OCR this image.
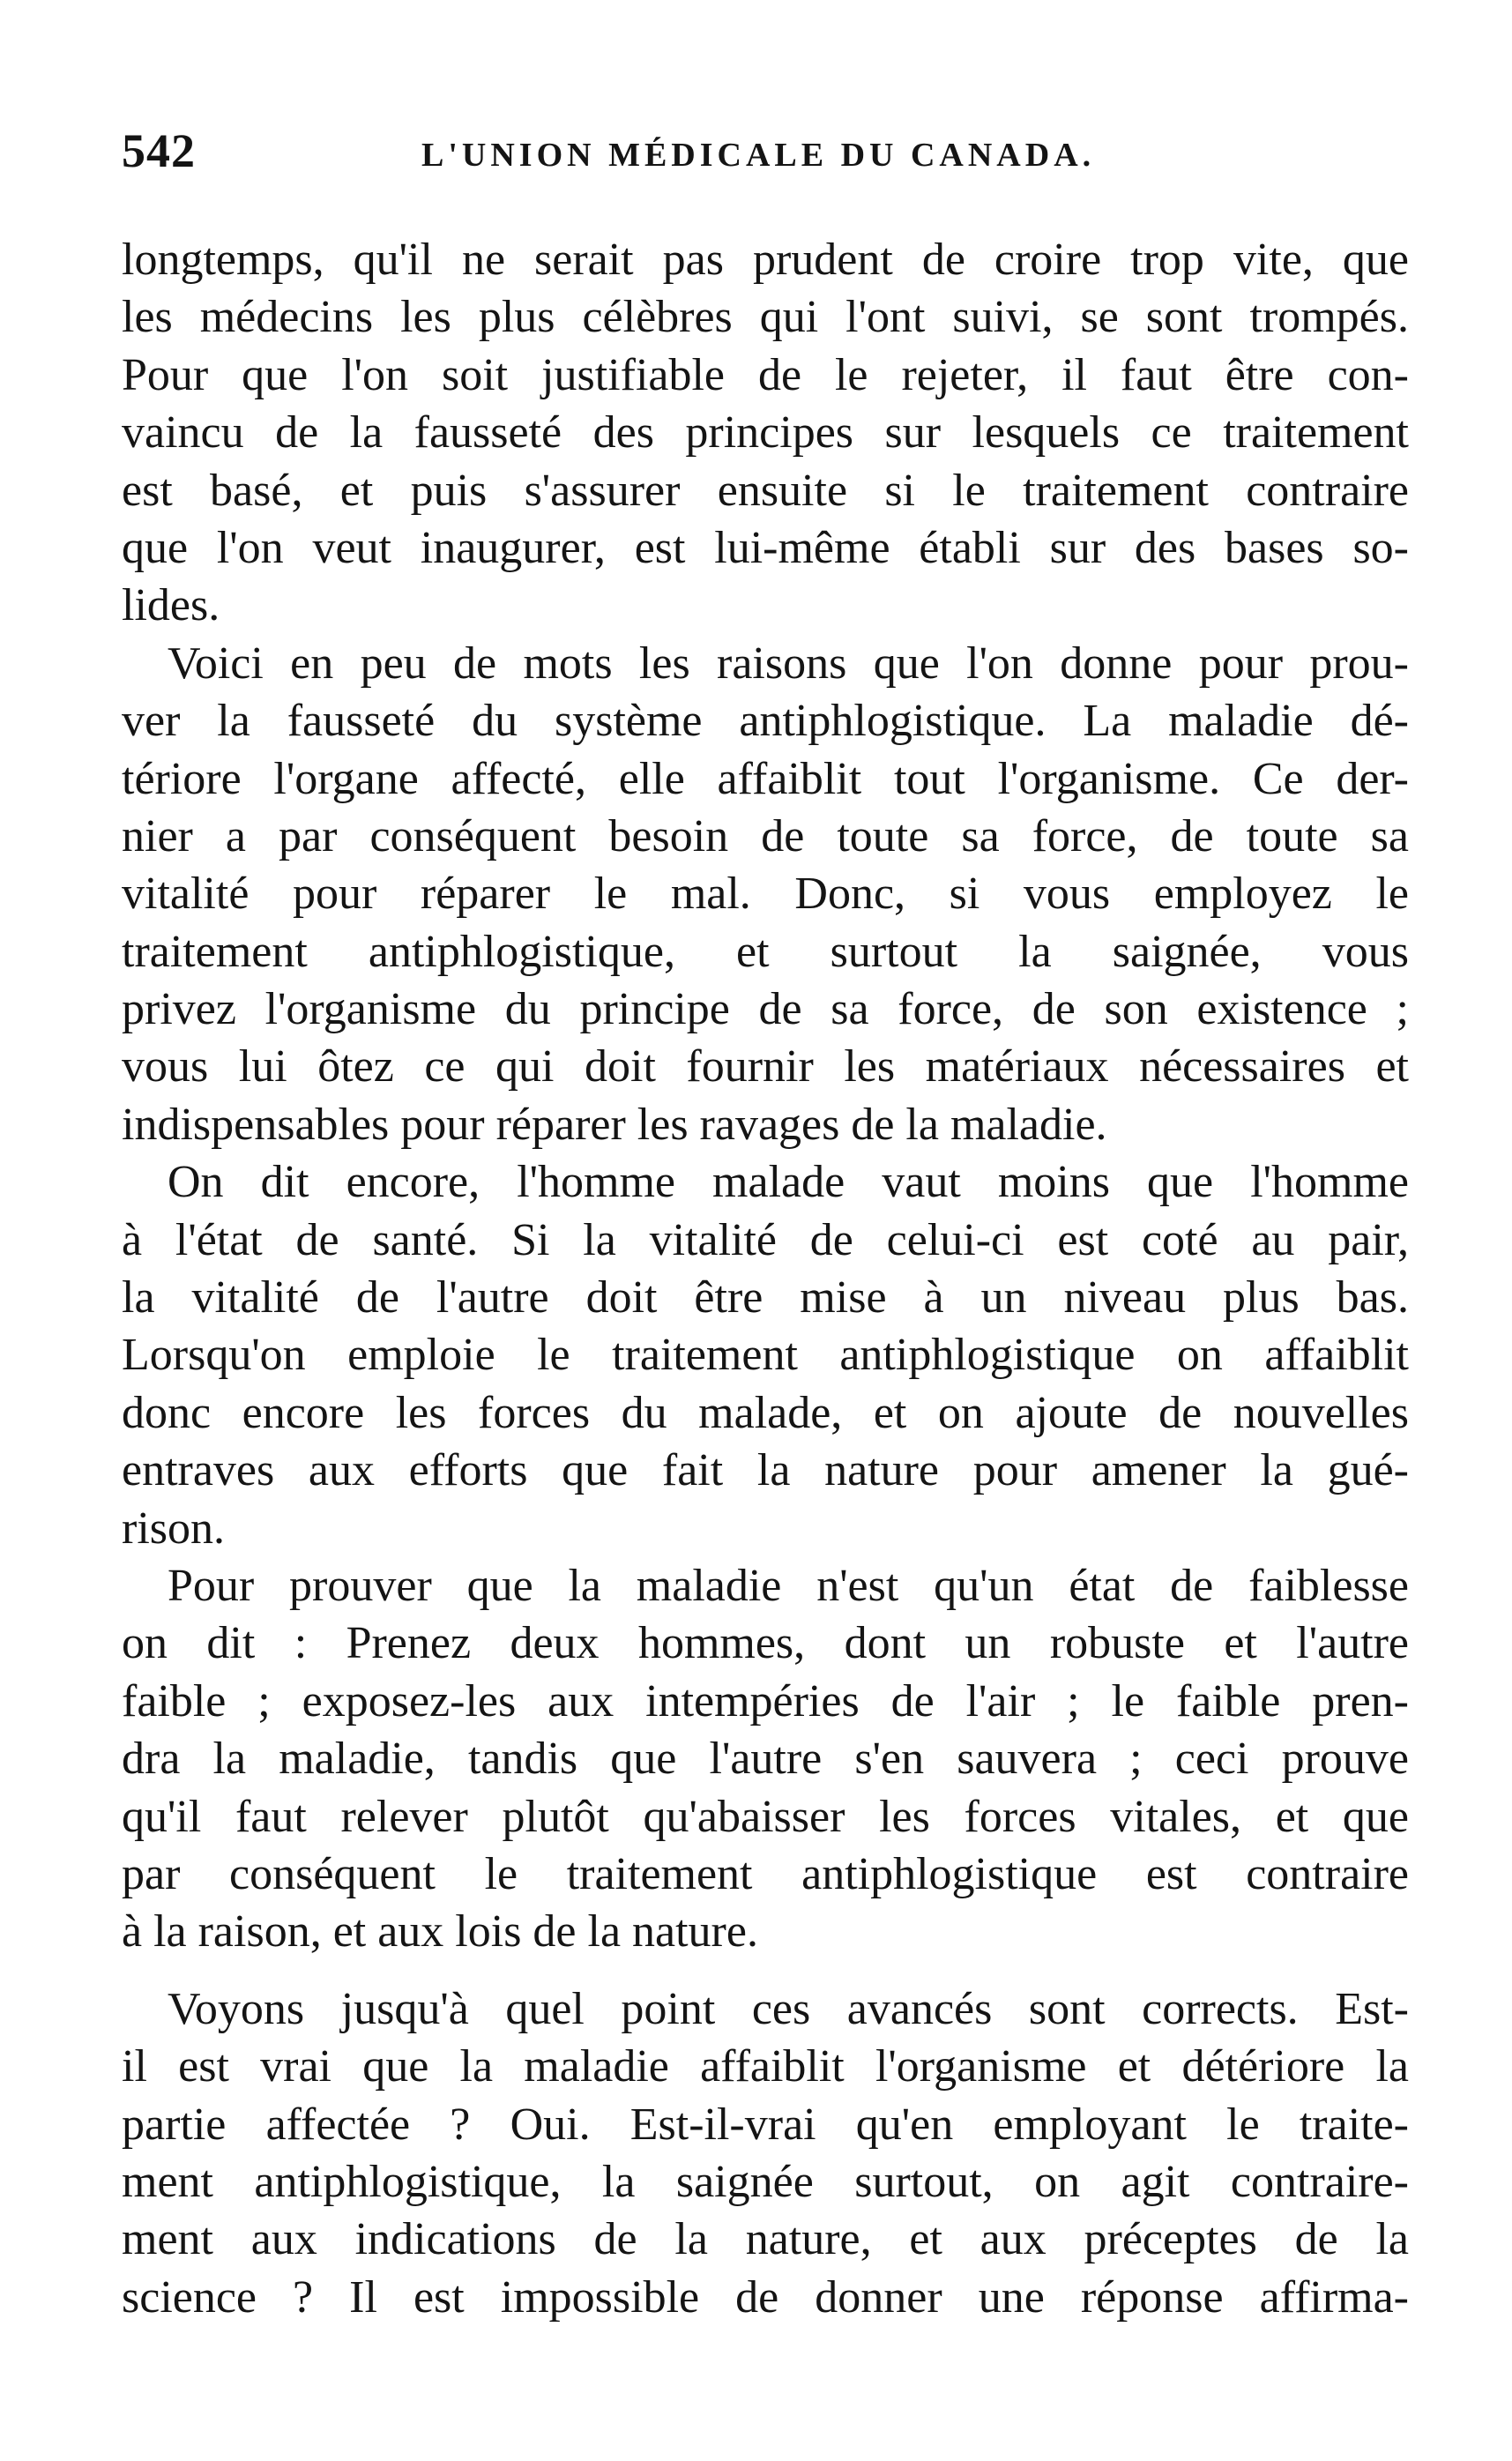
542	L'UNION MÉDICALE DU CANADA.
longtemps, qu'il ne serait pas prudent de croire trop vite, que
les médecins les plus célèbres qui l'ont suivi, se sont trompés.
Pour que l'on soit justifiable de le rejeter, il faut être con-
vaincu de la fausseté des principes sur lesquels ce traitement
est basé, et puis s'assurer ensuite si le traitement contraire
que l'on veut inaugurer, est lui-même établi sur des bases so-
lides.
Voici en peu de mots les raisons que l'on donne pour prou-
ver la fausseté du système antiphlogistique. La maladie dé-
tériore l'organe affecté, elle affaiblit tout l'organisme. Ce der-
nier a par conséquent besoin de toute sa force, de toute sa
vitalité pour réparer le mal. Donc, si vous employez le
traitement antiphlogistique, et surtout la saignée, vous
privez l'organisme du principe de sa force, de son existence ;
vous lui ôtez ce qui doit fournir les matériaux nécessaires et
indispensables pour réparer les ravages de la maladie.
On dit encore, l'homme malade vaut moins que l'homme
à l'état de santé. Si la vitalité de celui-ci est coté au pair,
la vitalité de l'autre doit être mise à un niveau plus bas.
Lorsqu'on emploie le traitement antiphlogistique on affaiblit
donc encore les forces du malade, et on ajoute de nouvelles
entraves aux efforts que fait la nature pour amener la gué-
rison.
Pour prouver que la maladie n'est qu'un état de faiblesse
on dit : Prenez deux hommes, dont un robuste et l'autre
faible ; exposez-les aux intempéries de l'air ; le faible pren-
dra la maladie, tandis que l'autre s'en sauvera ; ceci prouve
qu'il faut relever plutôt qu'abaisser les forces vitales, et que
par conséquent le traitement antiphlogistique est contraire
à la raison, et aux lois de la nature.
Voyons jusqu'à quel point ces avancés sont corrects. Est-
il est vrai que la maladie affaiblit l'organisme et détériore la
partie affectée ? Oui. Est-il-vrai qu'en employant le traite-
ment antiphlogistique, la saignée surtout, on agit contraire-
ment aux indications de la nature, et aux préceptes de la
science ? Il est impossible de donner une réponse affirma-
